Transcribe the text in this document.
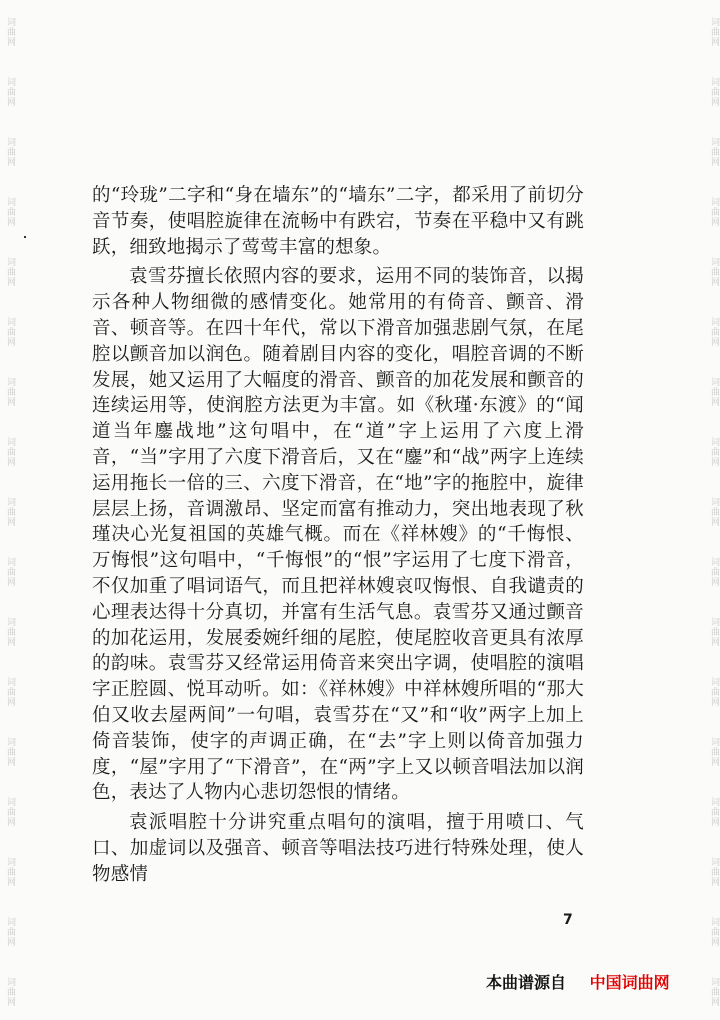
词曲网
词曲网
词曲网
词曲网
词曲网
词曲网
词曲网
词曲网
词曲网
词曲网
词曲网
词曲网
词曲网
词曲网
词曲网
词曲网
词曲网
词曲网
词曲网
词曲网
词曲网
词曲网
词曲网
词曲网
词曲网
词曲网
词曲网
词曲网
词曲网
词曲网
词曲网
词曲网
词曲网
词曲网

的“玲珑”二字和“身在墙东”的“墙东”二字，都采用了前切分音节奏，使唱腔旋律在流畅中有跌宕，节奏在平稳中又有跳跃，细致地揭示了莺莺丰富的想象。

袁雪芬擅长依照内容的要求，运用不同的装饰音，以揭示各种人物细微的感情变化。她常用的有倚音、颤音、滑音、顿音等。在四十年代，常以下滑音加强悲剧气氛，在尾腔以颤音加以润色。随着剧目内容的变化，唱腔音调的不断发展，她又运用了大幅度的滑音、颤音的加花发展和颤音的连续运用等，使润腔方法更为丰富。如《秋瑾·东渡》的“闻道当年鏖战地”这句唱中，在“道”字上运用了六度上滑音，“当”字用了六度下滑音后，又在“鏖”和“战”两字上连续运用拖长一倍的三、六度下滑音，在“地”字的拖腔中，旋律层层上扬，音调激昂、坚定而富有推动力，突出地表现了秋瑾决心光复祖国的英雄气概。而在《祥林嫂》的“千悔恨、万悔恨”这句唱中，“千悔恨”的“恨”字运用了七度下滑音，不仅加重了唱词语气，而且把祥林嫂哀叹悔恨、自我谴责的心理表达得十分真切，并富有生活气息。袁雪芬又通过颤音的加花运用，发展委婉纤细的尾腔，使尾腔收音更具有浓厚的韵味。袁雪芬又经常运用倚音来突出字调，使唱腔的演唱字正腔圆、悦耳动听。如：《祥林嫂》中祥林嫂所唱的“那大伯又收去屋两间”一句唱，袁雪芬在“又”和“收”两字上加上倚音装饰，使字的声调正确，在“去”字上则以倚音加强力度，“屋”字用了“下滑音”，在“两”字上又以顿音唱法加以润色，表达了人物内心悲切怨恨的情绪。

袁派唱腔十分讲究重点唱句的演唱，擅于用喷口、气口、加虚词以及强音、顿音等唱法技巧进行特殊处理，使人物感情

7
本曲谱源自 中国词曲网
